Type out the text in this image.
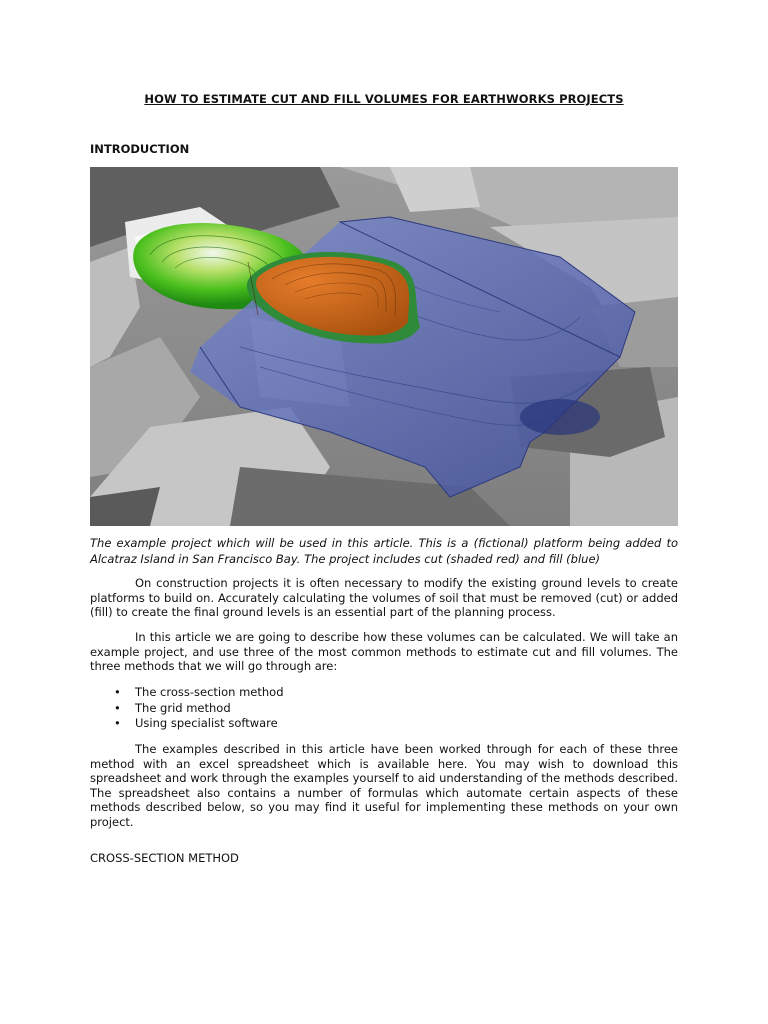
HOW TO ESTIMATE CUT AND FILL VOLUMES FOR EARTHWORKS PROJECTS
INTRODUCTION
The example project which will be used in this article. This is a (fictional) platform being added to Alcatraz Island in San Francisco Bay. The project includes cut (shaded red) and fill (blue)

On construction projects it is often necessary to modify the existing ground levels to create platforms to build on. Accurately calculating the volumes of soil that must be removed (cut) or added (fill) to create the final ground levels is an essential part of the planning process.

In this article we are going to describe how these volumes can be calculated. We will take an example project, and use three of the most common methods to estimate cut and fill volumes. The three methods that we will go through are:

• The cross-section method
• The grid method
• Using specialist software

The examples described in this article have been worked through for each of these three method with an excel spreadsheet which is available here. You may wish to download this spreadsheet and work through the examples yourself to aid understanding of the methods described. The spreadsheet also contains a number of formulas which automate certain aspects of these methods described below, so you may find it useful for implementing these methods on your own project.

CROSS-SECTION METHOD
